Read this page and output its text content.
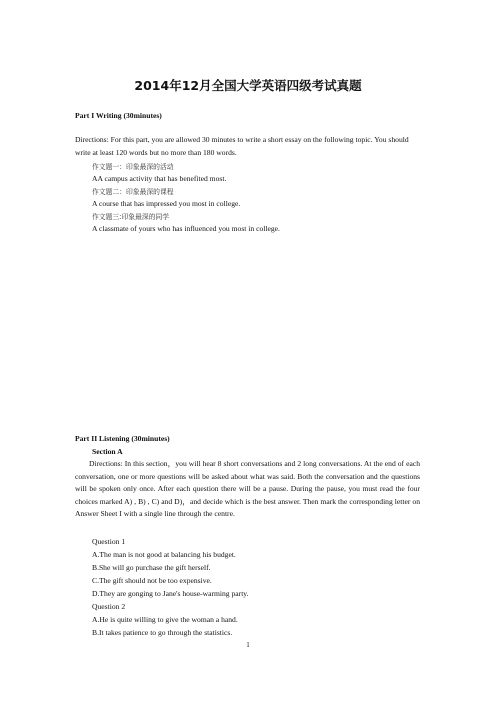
2014年12月全国大学英语四级考试真题
Part I Writing (30minutes)
Directions: For this part, you are allowed 30 minutes to write a short essay on the following topic. You should write at least 120 words but no more than 180 words.
作文题一：印象最深的活动
AA campus activity that has benefited most.
作文题二：印象最深的课程
A course that has impressed you most in college.
作文题三:印象最深的同学
A classmate of yours who has influenced you most in college.
Part II Listening (30minutes)
Section A
Directions: In this section，you will hear 8 short conversations and 2 long conversations. At the end of each conversation, one or more questions will be asked about what was said. Both the conversation and the questions will be spoken only once. After each question there will be a pause. During the pause, you must read the four choices marked A) , B) , C) and D)，and decide which is the best answer. Then mark the corresponding letter on Answer Sheet I with a single line through the centre.
Question 1
A.The man is not good at balancing his budget.
B.She will go purchase the gift herself.
C.The gift should not be too expensive.
D.They are gonging to Jane's house-warming party.
Question 2
A.He is quite willing to give the woman a hand.
B.It takes patience to go through the statistics.
1
